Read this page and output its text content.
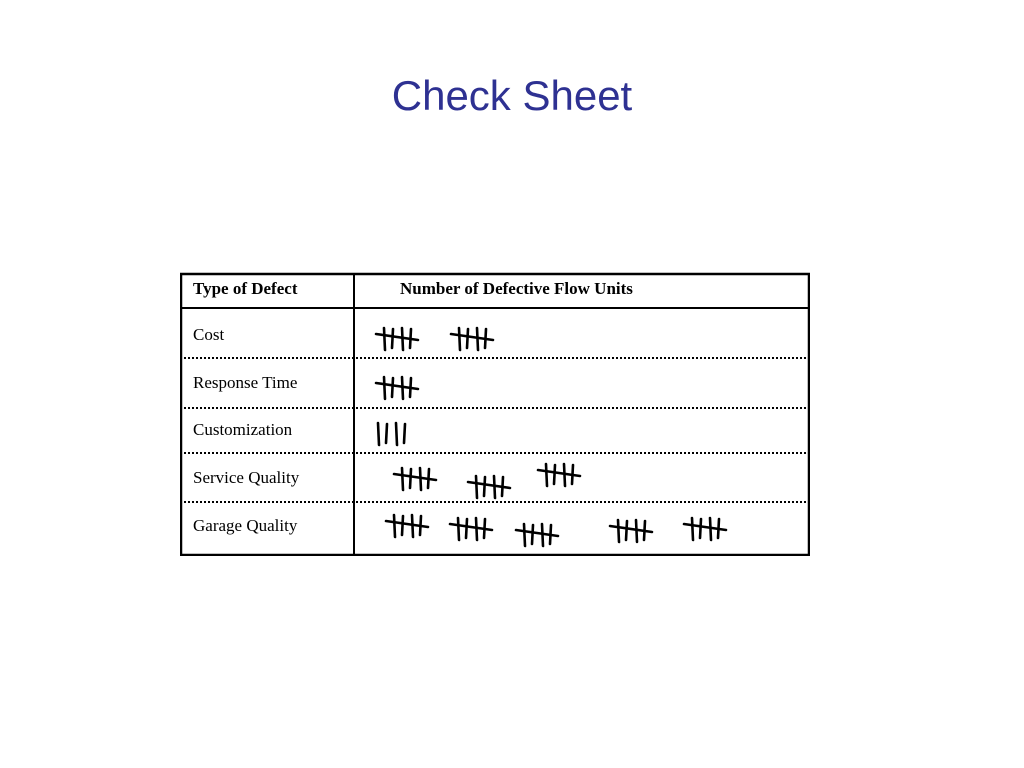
Check Sheet
Type of Defect	Number of Defective Flow Units
Cost
Response Time
Customization
Service Quality
Garage Quality
